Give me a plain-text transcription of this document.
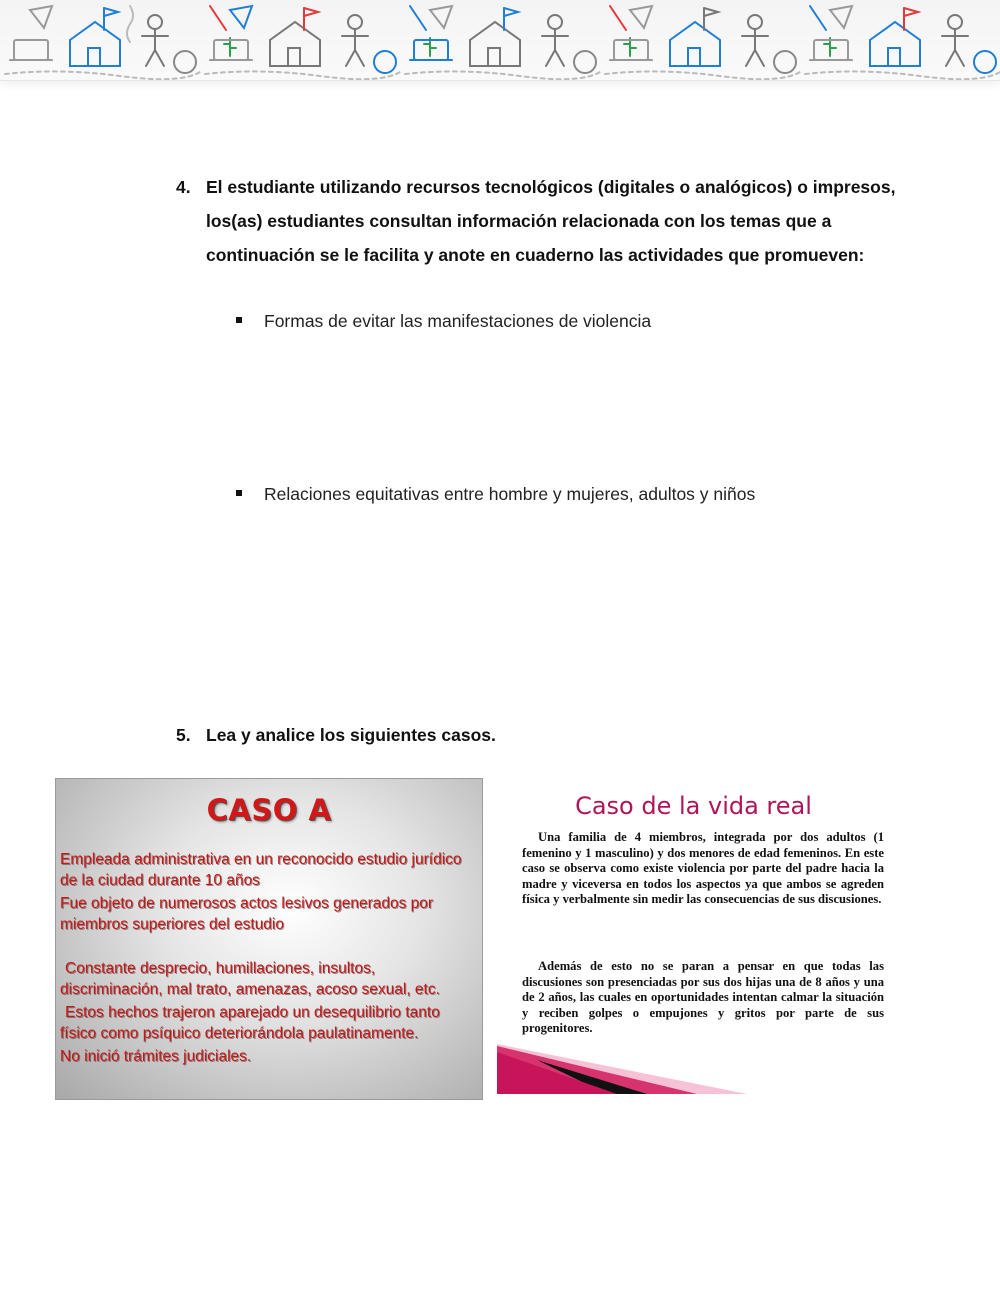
4. El estudiante utilizando recursos tecnológicos (digitales o analógicos) o impresos, los(as) estudiantes consultan información relacionada con los temas que a continuación se le facilita y anote en cuaderno las actividades que promueven:
Formas de evitar las manifestaciones de violencia
Relaciones equitativas entre hombre y mujeres, adultos y niños
5. Lea y analice los siguientes casos.
CASO A
Empleada administrativa en un reconocido estudio jurídico de la ciudad durante 10 años
Fue objeto de numerosos actos lesivos generados por miembros superiores del estudio
Constante desprecio, humillaciones, insultos, discriminación, mal trato, amenazas, acoso sexual, etc.
Estos hechos trajeron aparejado un desequilibrio tanto físico como psíquico deteriorándola paulatinamente.
No inició trámites judiciales.
Caso de la vida real
Una familia de 4 miembros, integrada por dos adultos (1 femenino y 1 masculino) y dos menores de edad femeninos. En este caso se observa como existe violencia por parte del padre hacia la madre y viceversa en todos los aspectos ya que ambos se agreden física y verbalmente sin medir las consecuencias de sus discusiones.
Además de esto no se paran a pensar en que todas las discusiones son presenciadas por sus dos hijas una de 8 años y una de 2 años, las cuales en oportunidades intentan calmar la situación y reciben golpes o empujones y gritos por parte de sus progenitores.
